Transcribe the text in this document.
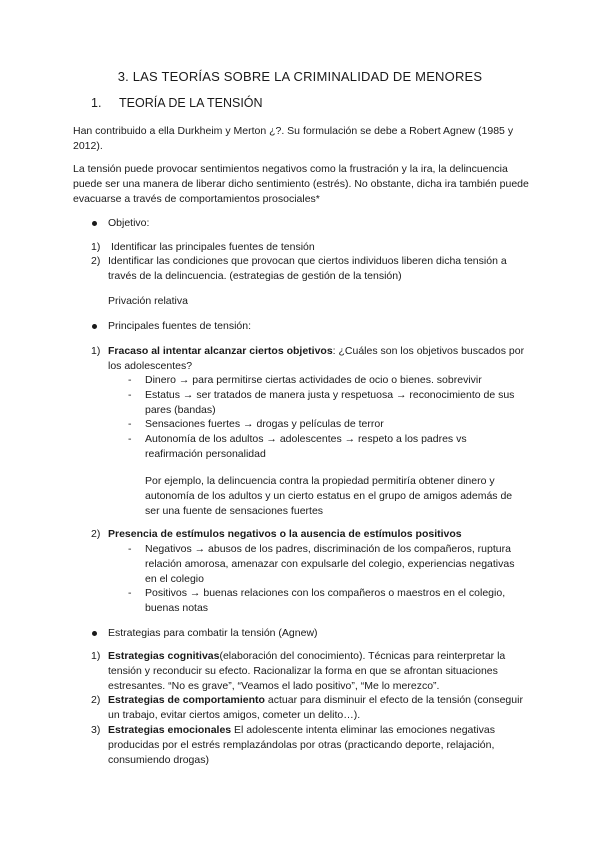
3. LAS TEORÍAS SOBRE LA CRIMINALIDAD DE MENORES
1. TEORÍA DE LA TENSIÓN
Han contribuido a ella Durkheim y Merton ¿?. Su formulación se debe a Robert Agnew (1985 y 2012).
La tensión puede provocar sentimientos negativos como la frustración y la ira, la delincuencia puede ser una manera de liberar dicho sentimiento (estrés). No obstante, dicha ira también puede evacuarse a través de comportamientos prosociales*
Objetivo:
1) Identificar las principales fuentes de tensión
2) Identificar las condiciones que provocan que ciertos individuos liberen dicha tensión a través de la delincuencia. (estrategias de gestión de la tensión)
Privación relativa
Principales fuentes de tensión:
1) Fracaso al intentar alcanzar ciertos objetivos: ¿Cuáles son los objetivos buscados por los adolescentes?
- Dinero → para permitirse ciertas actividades de ocio o bienes. sobrevivir
- Estatus → ser tratados de manera justa y respetuosa → reconocimiento de sus pares (bandas)
- Sensaciones fuertes → drogas y películas de terror
- Autonomía de los adultos → adolescentes → respeto a los padres vs reafirmación personalidad
Por ejemplo, la delincuencia contra la propiedad permitiría obtener dinero y autonomía de los adultos y un cierto estatus en el grupo de amigos además de ser una fuente de sensaciones fuertes
2) Presencia de estímulos negativos o la ausencia de estímulos positivos
- Negativos → abusos de los padres, discriminación de los compañeros, ruptura relación amorosa, amenazar con expulsarle del colegio, experiencias negativas en el colegio
- Positivos → buenas relaciones con los compañeros o maestros en el colegio, buenas notas
Estrategias para combatir la tensión (Agnew)
1) Estrategias cognitivas(elaboración del conocimiento). Técnicas para reinterpretar la tensión y reconducir su efecto. Racionalizar la forma en que se afrontan situaciones estresantes. “No es grave”, “Veamos el lado positivo”, “Me lo merezco”.
2) Estrategias de comportamiento actuar para disminuir el efecto de la tensión (conseguir un trabajo, evitar ciertos amigos, cometer un delito…).
3) Estrategias emocionales El adolescente intenta eliminar las emociones negativas producidas por el estrés remplazándolas por otras (practicando deporte, relajación, consumiendo drogas)
